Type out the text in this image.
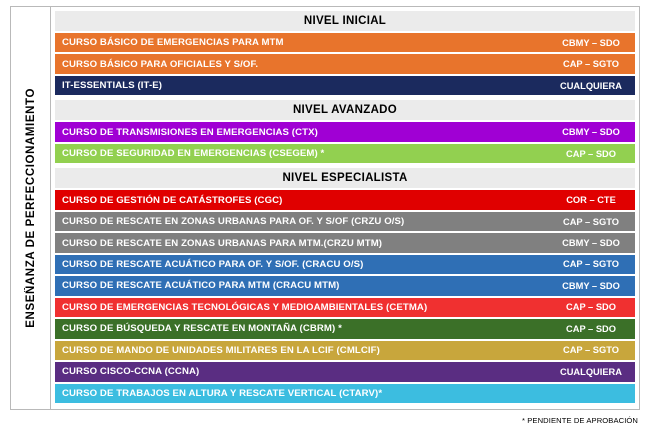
ENSEÑANZA DE PERFECCIONAMIENTO
NIVEL INICIAL
CURSO BÁSICO DE EMERGENCIAS PARA MTM	CBMY – SDO
CURSO BÁSICO PARA OFICIALES Y S/OF.	CAP – SGTO
IT-ESSENTIALS (IT-E)	CUALQUIERA
NIVEL AVANZADO
CURSO DE TRANSMISIONES EN EMERGENCIAS (CTX)	CBMY – SDO
CURSO DE SEGURIDAD EN EMERGENCIAS (CSEGEM) *	CAP – SDO
NIVEL ESPECIALISTA
CURSO DE GESTIÓN DE CATÁSTROFES (CGC)	COR – CTE
CURSO DE RESCATE EN ZONAS URBANAS PARA OF. Y S/OF (CRZU O/S)	CAP – SGTO
CURSO DE RESCATE EN ZONAS URBANAS PARA MTM.(CRZU MTM)	CBMY – SDO
CURSO DE RESCATE ACUÁTICO PARA OF. Y S/OF. (CRACU O/S)	CAP – SGTO
CURSO DE RESCATE ACUÁTICO PARA MTM (CRACU MTM)	CBMY – SDO
CURSO DE EMERGENCIAS TECNOLÓGICAS Y MEDIOAMBIENTALES (CETMA)	CAP – SDO
CURSO DE BÚSQUEDA Y RESCATE EN MONTAÑA (CBRM) *	CAP – SDO
CURSO DE MANDO DE UNIDADES MILITARES EN LA LCIF (CMLCIF)	CAP – SGTO
CURSO CISCO-CCNA (CCNA)	CUALQUIERA
CURSO DE TRABAJOS EN ALTURA Y RESCATE VERTICAL (CTARV)*
* PENDIENTE DE APROBACIÓN
